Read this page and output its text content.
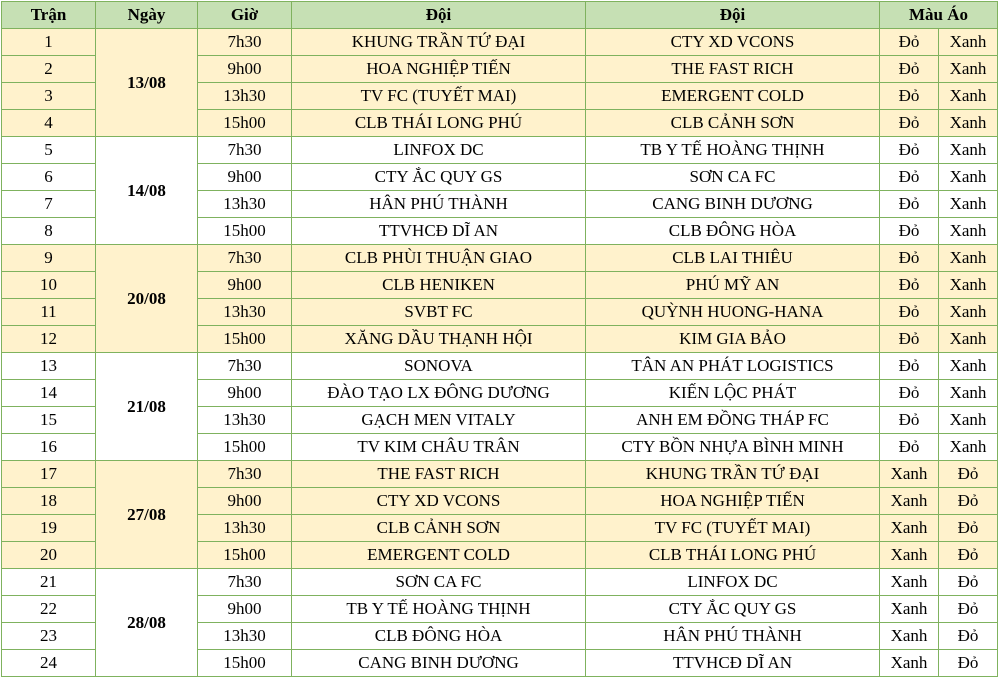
Trận	Ngày	Giờ	Đội	Đội	Màu Áo	
1	13/08	7h30	KHUNG TRẦN TỨ ĐẠI	CTY XD VCONS	Đỏ	Xanh
2		9h00	HOA NGHIỆP TIẾN	THE FAST RICH	Đỏ	Xanh
3		13h30	TV FC (TUYẾT MAI)	EMERGENT COLD	Đỏ	Xanh
4		15h00	CLB THÁI LONG PHÚ	CLB CẢNH SƠN	Đỏ	Xanh
5	14/08	7h30	LINFOX DC	TB Y TẾ HOÀNG THỊNH	Đỏ	Xanh
6		9h00	CTY ẮC QUY GS	SƠN CA FC	Đỏ	Xanh
7		13h30	HÂN PHÚ THÀNH	CANG BINH DƯƠNG	Đỏ	Xanh
8		15h00	TTVHCĐ DĨ AN	CLB ĐÔNG HÒA	Đỏ	Xanh
9	20/08	7h30	CLB PHÙI THUẬN GIAO	CLB LAI THIÊU	Đỏ	Xanh
10		9h00	CLB HENIKEN	PHÚ MỸ AN	Đỏ	Xanh
11		13h30	SVBT FC	QUỲNH HUONG-HANA	Đỏ	Xanh
12		15h00	XĂNG DẦU THẠNH HỘI	KIM GIA BẢO	Đỏ	Xanh
13	21/08	7h30	SONOVA	TÂN AN PHÁT LOGISTICS	Đỏ	Xanh
14		9h00	ĐÀO TẠO LX ĐÔNG DƯƠNG	KIẾN LỘC PHÁT	Đỏ	Xanh
15		13h30	GẠCH MEN VITALY	ANH EM ĐỒNG THÁP FC	Đỏ	Xanh
16		15h00	TV KIM CHÂU TRÂN	CTY BỒN NHỰA BÌNH MINH	Đỏ	Xanh
17	27/08	7h30	THE FAST RICH	KHUNG TRẦN TỨ ĐẠI	Xanh	Đỏ
18		9h00	CTY XD VCONS	HOA NGHIỆP TIẾN	Xanh	Đỏ
19		13h30	CLB CẢNH SƠN	TV FC (TUYẾT MAI)	Xanh	Đỏ
20		15h00	EMERGENT COLD	CLB THÁI LONG PHÚ	Xanh	Đỏ
21	28/08	7h30	SƠN CA FC	LINFOX DC	Xanh	Đỏ
22		9h00	TB Y TẾ HOÀNG THỊNH	CTY ẮC QUY GS	Xanh	Đỏ
23		13h30	CLB ĐÔNG HÒA	HÂN PHÚ THÀNH	Xanh	Đỏ
24		15h00	CANG BINH DƯƠNG	TTVHCĐ DĨ AN	Xanh	Đỏ
